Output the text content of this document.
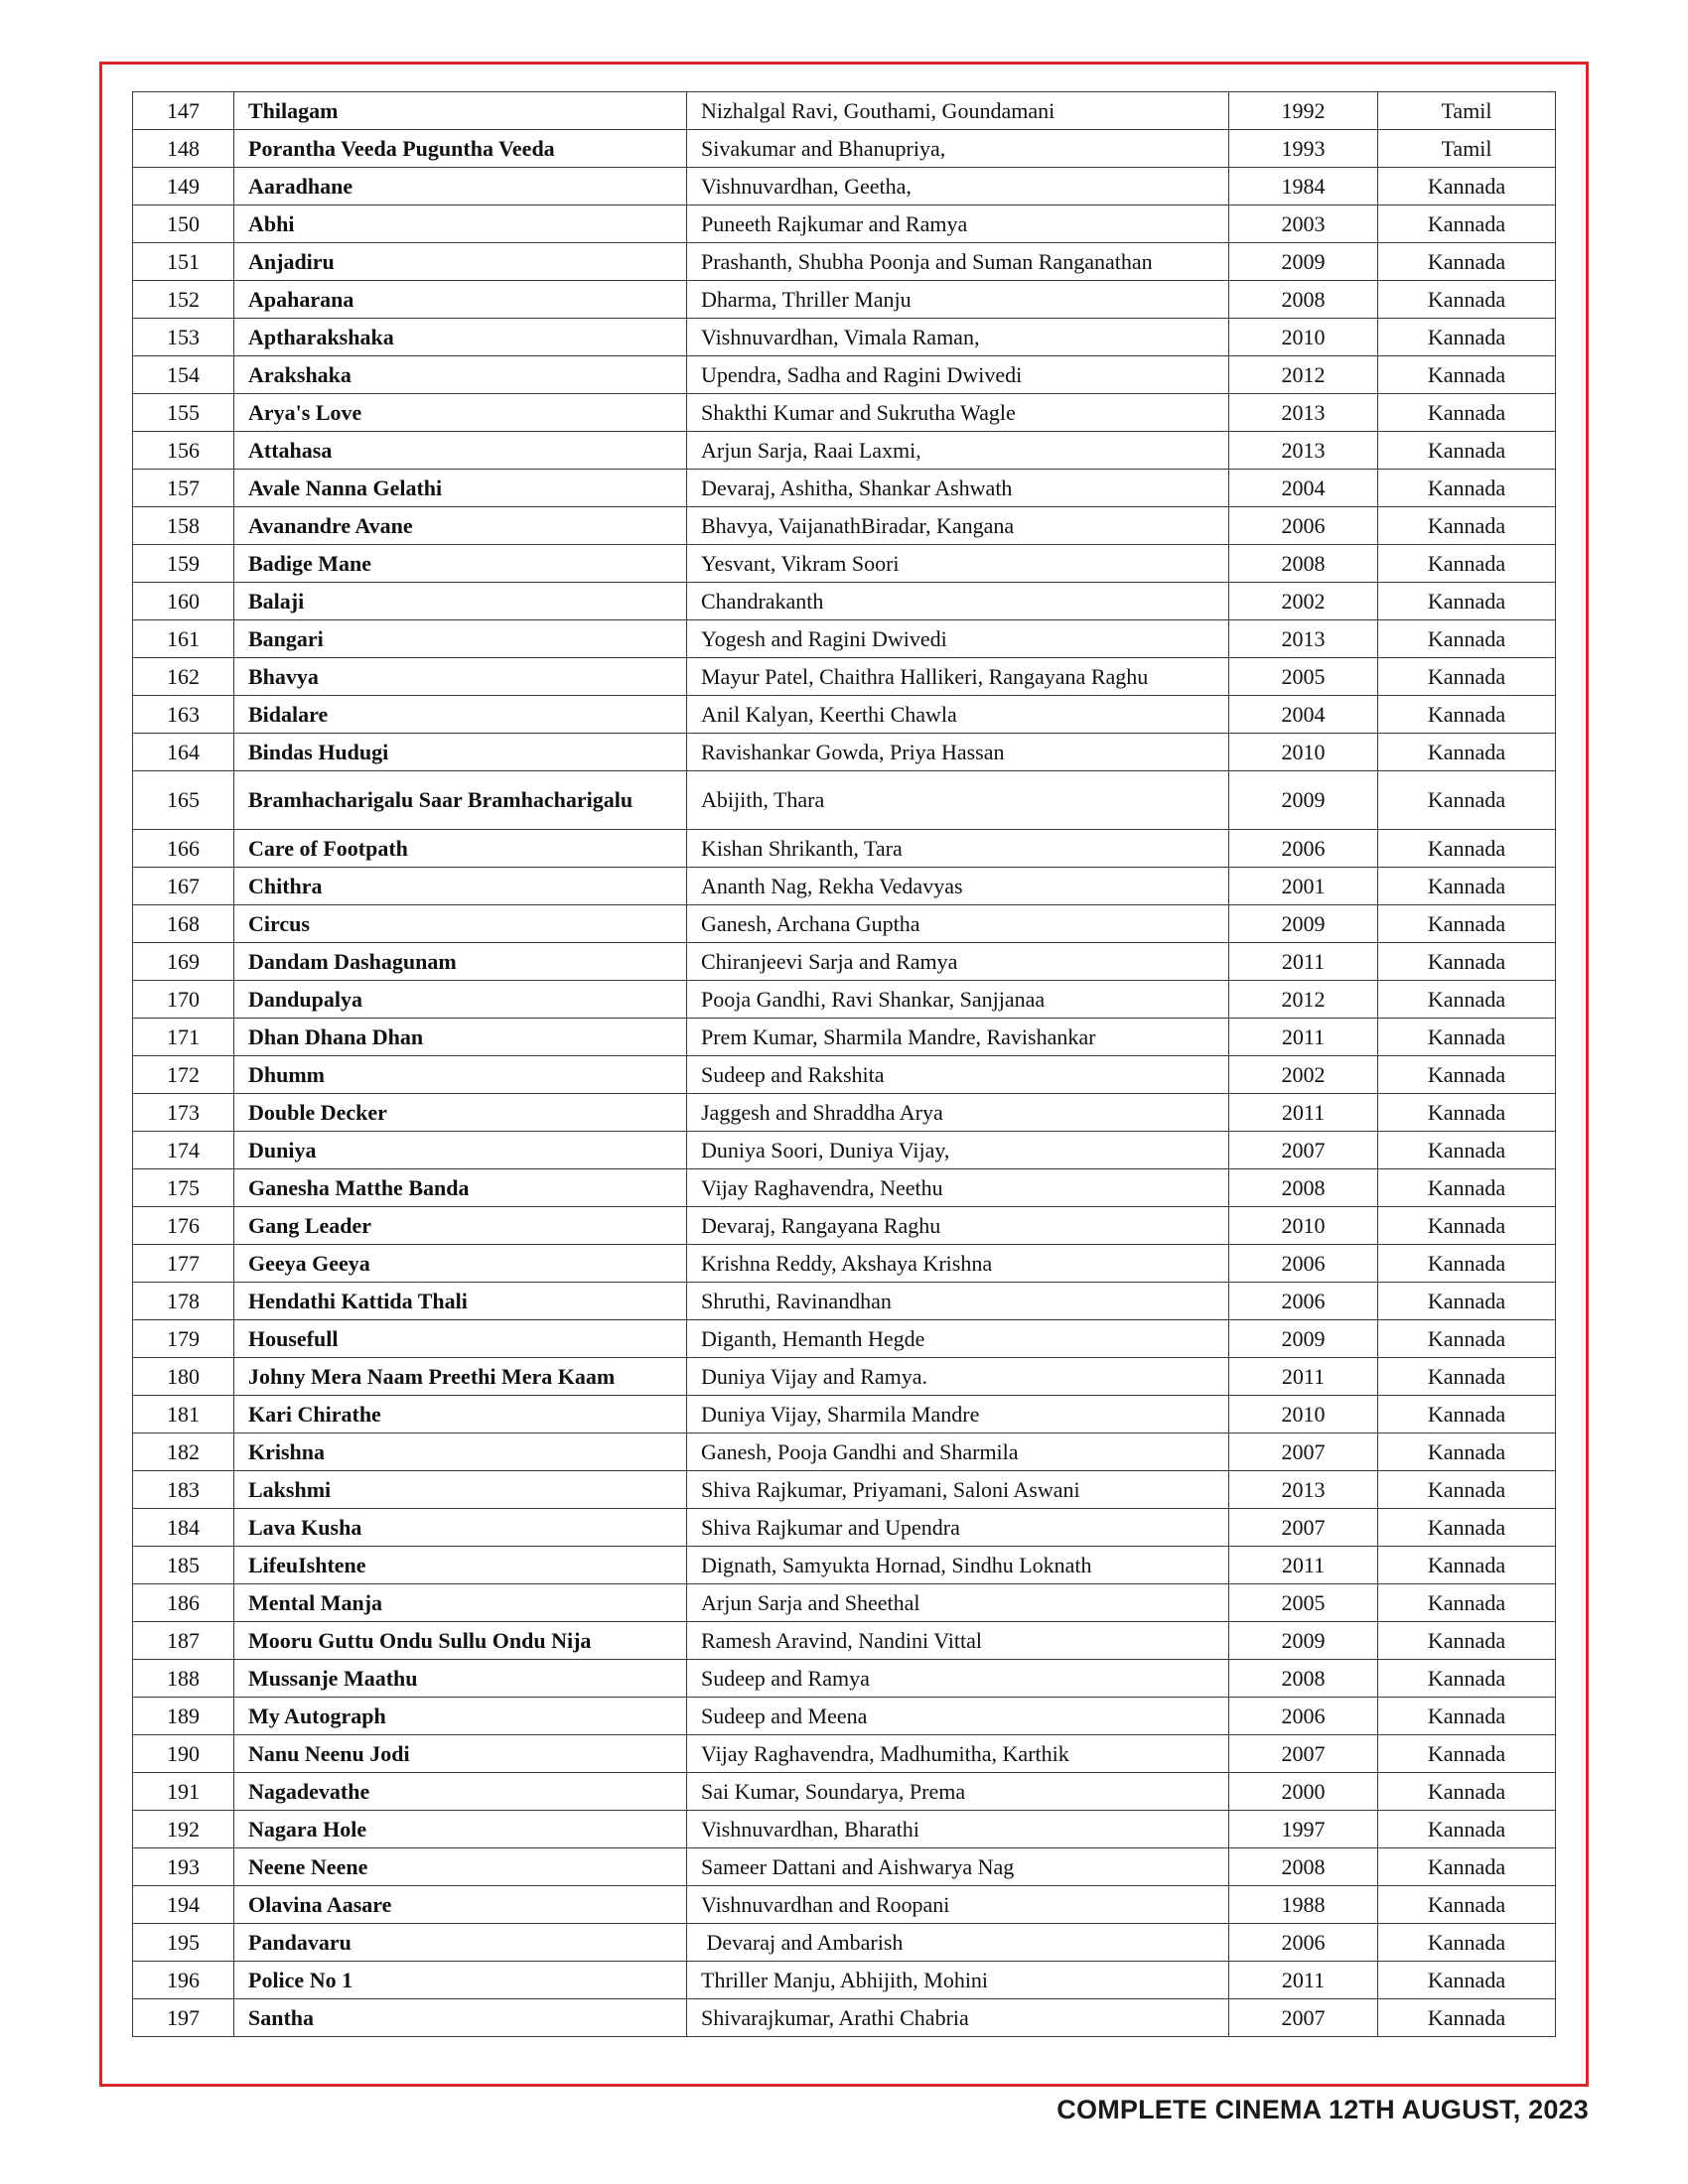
147	Thilagam	Nizhalgal Ravi, Gouthami, Goundamani	1992	Tamil
148	Porantha Veeda Puguntha Veeda	Sivakumar and Bhanupriya,	1993	Tamil
149	Aaradhane	Vishnuvardhan, Geetha,	1984	Kannada
150	Abhi	Puneeth Rajkumar and Ramya	2003	Kannada
151	Anjadiru	Prashanth, Shubha Poonja and Suman Ranganathan	2009	Kannada
152	Apaharana	Dharma, Thriller Manju	2008	Kannada
153	Aptharakshaka	Vishnuvardhan, Vimala Raman,	2010	Kannada
154	Arakshaka	Upendra, Sadha and Ragini Dwivedi	2012	Kannada
155	Arya's Love	Shakthi Kumar and Sukrutha Wagle	2013	Kannada
156	Attahasa	Arjun Sarja, Raai Laxmi,	2013	Kannada
157	Avale Nanna Gelathi	Devaraj, Ashitha, Shankar Ashwath	2004	Kannada
158	Avanandre Avane	Bhavya, VaijanathBiradar, Kangana	2006	Kannada
159	Badige Mane	Yesvant, Vikram Soori	2008	Kannada
160	Balaji	Chandrakanth	2002	Kannada
161	Bangari	Yogesh and Ragini Dwivedi	2013	Kannada
162	Bhavya	Mayur Patel, Chaithra Hallikeri, Rangayana Raghu	2005	Kannada
163	Bidalare	Anil Kalyan, Keerthi Chawla	2004	Kannada
164	Bindas Hudugi	Ravishankar Gowda, Priya Hassan	2010	Kannada
165	Bramhacharigalu Saar Bramhacharigalu	Abijith, Thara	2009	Kannada
166	Care of Footpath	Kishan Shrikanth, Tara	2006	Kannada
167	Chithra	Ananth Nag, Rekha Vedavyas	2001	Kannada
168	Circus	Ganesh, Archana Guptha	2009	Kannada
169	Dandam Dashagunam	Chiranjeevi Sarja and Ramya	2011	Kannada
170	Dandupalya	Pooja Gandhi, Ravi Shankar, Sanjjanaa	2012	Kannada
171	Dhan Dhana Dhan	Prem Kumar, Sharmila Mandre, Ravishankar	2011	Kannada
172	Dhumm	Sudeep and Rakshita	2002	Kannada
173	Double Decker	Jaggesh and Shraddha Arya	2011	Kannada
174	Duniya	Duniya Soori, Duniya Vijay,	2007	Kannada
175	Ganesha Matthe Banda	Vijay Raghavendra, Neethu	2008	Kannada
176	Gang Leader	Devaraj, Rangayana Raghu	2010	Kannada
177	Geeya Geeya	Krishna Reddy, Akshaya Krishna	2006	Kannada
178	Hendathi Kattida Thali	Shruthi, Ravinandhan	2006	Kannada
179	Housefull	Diganth, Hemanth Hegde	2009	Kannada
180	Johny Mera Naam Preethi Mera Kaam	Duniya Vijay and Ramya.	2011	Kannada
181	Kari Chirathe	Duniya Vijay, Sharmila Mandre	2010	Kannada
182	Krishna	Ganesh, Pooja Gandhi and Sharmila	2007	Kannada
183	Lakshmi	Shiva Rajkumar, Priyamani, Saloni Aswani	2013	Kannada
184	Lava Kusha	Shiva Rajkumar and Upendra	2007	Kannada
185	LifeuIshtene	Dignath, Samyukta Hornad, Sindhu Loknath	2011	Kannada
186	Mental Manja	Arjun Sarja and Sheethal	2005	Kannada
187	Mooru Guttu Ondu Sullu Ondu Nija	Ramesh Aravind, Nandini Vittal	2009	Kannada
188	Mussanje Maathu	Sudeep and Ramya	2008	Kannada
189	My Autograph	Sudeep and Meena	2006	Kannada
190	Nanu Neenu Jodi	Vijay Raghavendra, Madhumitha, Karthik	2007	Kannada
191	Nagadevathe	Sai Kumar, Soundarya, Prema	2000	Kannada
192	Nagara Hole	Vishnuvardhan, Bharathi	1997	Kannada
193	Neene Neene	Sameer Dattani and Aishwarya Nag	2008	Kannada
194	Olavina Aasare	Vishnuvardhan and Roopani	1988	Kannada
195	Pandavaru	Devaraj and Ambarish	2006	Kannada
196	Police No 1	Thriller Manju, Abhijith, Mohini	2011	Kannada
197	Santha	Shivarajkumar, Arathi Chabria	2007	Kannada
COMPLETE CINEMA 12TH AUGUST, 2023
